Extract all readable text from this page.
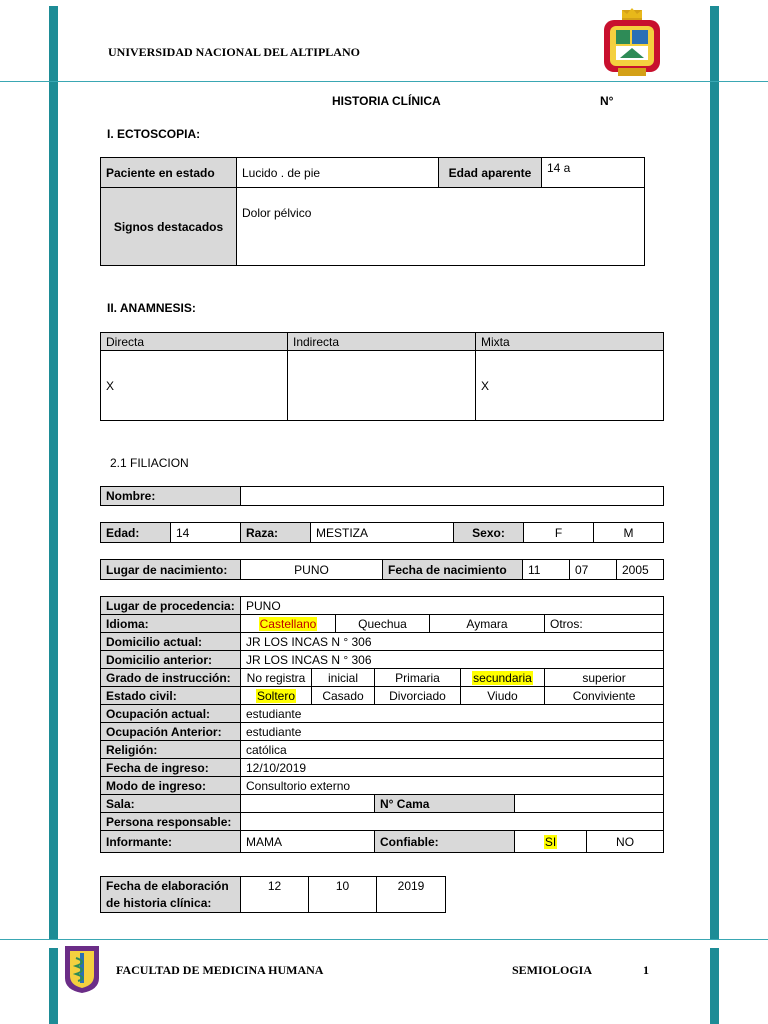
UNIVERSIDAD NACIONAL DEL ALTIPLANO
HISTORIA CLÍNICA	N°
I. ECTOSCOPIA:
Paciente en estado	Lucido . de pie	Edad aparente	14 a
Signos destacados	Dolor pélvico		
II. ANAMNESIS:
Directa	Indirecta	Mixta
X		X
2.1 FILIACION
Nombre:	
Edad:	14	Raza:	MESTIZA	Sexo:	F	M
Lugar de nacimiento:	PUNO	Fecha de nacimiento	11	07	2005
Lugar de procedencia:	PUNO								
Idioma:	Castellano		Quechua		Aymara			Otros:	
Domicilio actual:	JR LOS INCAS N ° 306								
Domicilio anterior:	JR LOS INCAS N ° 306								
Grado de instrucción:	No registra	inicial		Primaria		secundaria		superior	
Estado civil:	Soltero	Casado		Divorciado		Viudo		Conviviente	
Ocupación actual:	estudiante								
Ocupación Anterior:	estudiante								
Religión:	católica								
Fecha de ingreso:	12/10/2019								
Modo de ingreso:	Consultorio externo								
Sala:				N° Cama					
Persona responsable:									
Informante:	MAMA			Confiable:			SI		NO
Fecha de elaboración
de historia clínica:
	12	10	2019
FACULTAD DE MEDICINA HUMANA	SEMIOLOGIA	1
